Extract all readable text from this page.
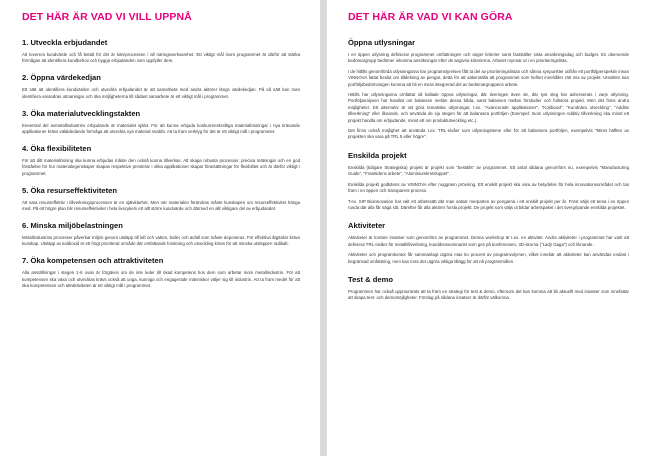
DET HÄR ÄR VAD VI VILL UPPNÅ
1. Utveckla erbjudandet

Att leverera kundvärde och få betalt för det är kärnprocessen i all näringsverksamhet. Ett viktigt mål inom programmet är därför att stärka förmågan att identifiera kundbehov och bygga erbjudanden som uppfyller dem.

2. Öppna värdekedjan

Ett sätt att identifiera kundvärden och utveckla erbjudandet är att samarbeta med andra aktörer längs värdekedjan. På så sätt kan man identifiera varandras utmaningar och öka möjligheterna till sådant samarbete är ett viktigt mål i programmet.

3. Öka materialutvecklingstakten

Eneentral del avmetallindustrins erbjudande är materialet självt. För att kunna erbjuda konkurrenskraftiga materiallösningar i nya krävande applikationer krävs väldidedande förmåga att utveckla nya material snabbt. Att ta fram verktyg för det är ett viktigt mål i programmet.

4. Öka flexibiliteten

För att ditt materiallösning ska kunna erbjudas måste den också kunna tillverkas. Att skapa robusta processer, precisa mätningar och en god förståelse för hur materialegenskaper skapas respektive presterar i olika applikationer skapar förutsättningar för flexibilitet och är därför viktigt i programmet.

5. Öka resurseffektiviteten

Att vara resurseffektiv i tillverkningsprocessen är en självklarhet. Men när materialen förändras måste kunskapen om resurseffektivitet hänga med. På ett högre plan blir resurseffektivitet i hela livscykeln ett allt större kundvärde och därmed en allt viktigare del av erbjudandet.

6. Minska miljöbelastningen

Metallindustrins processer påverkar miljön genom utsläpp till luft och vatten, buller och avfall som måste deponeras. För effektiva åtgärder krävs kunskap. Utsläpp av koldioxid är ett högt prioriterat område där omfattande forskning och utveckling krävs för att minska utsläppen radikalt.

7. Öka kompetensen och attraktiviteten

Alla anställningar i stegen 1-6 ovan är förgäves om de inte leder till ökad kompetens hos dem som arbetar inom metallindustrin. För att kompetensen ska växa och utvecklas krävs också att unga, kunniga och engagerade människor väljer sig till industrin. Att ta fram medel för att öka kompetensen och attraktiviteten är ett viktigt mål i programmet.

DET HÄR ÄR VAD VI KAN GÖRA
Öppna utlysningar

I en öppen utlysning definierar programmet omfattningen och anger kriterier samt fastställer sista ansökningsdag och budget. En oberoende bedömargrupp bedömer inkomna ansökningar efter de angivna kriterierna. Arbetet mynnar ut i en prioriteringslista.

I de hittills genomförda utlysningarna har programstyrelsen fått ta del av prioriteringslistan och sånna synpunkter utifrån ett portföljperspektiv innan VINNOVA fattat beslut om tilldelning av pengar, detta för att säkerställa att programmet som helhet innehåller rätt mix av projekt. Utsnitten kan portföljsbedömningen komma att bli en mera integrerad del av bedömargruppens arbete.

Hittills har utlysningarna omfattat så kallade öppna utlysningar, där tiveringen även de, där tyst steg har adresserats i varje utlysning. Portföljanalysen har handlat om balansen mellan dessa båda, samt balansen mellan förstudier och fullstora projekt. Men det finns andra möjligheter. Ett alternativ är att göra tematiska utlysningar, t.ex. "Avancerade applikationer", "Koldioxid", "Kundnära utveckling", "Additiv tillverkning" eller liknande, och använda de sju stegen för att balansera portföljen (Exempel: Inom utlysningen Additiv tillverkning ska minst ett projekt handla om erbjudande, minst ett om produktutveckling etc.).

Det finns också möjlighet att använda t.ex. TRL-nivåer som utlysningsteme eller för att balansera portföljen, exempelvis "Minst hälften av projekten ska vara på TRL 5 eller högre".

Enskilda projekt

Enskilda (tidigare Strategiska) projekt är projekt som "beställs" av programmet. Ett antal sådana genomförs nu, exempelvis "Manufacturing Guide", "Framtidens arbete", "Aluminiumkretsloppet".

Enskilda projekt godkänns av VINNOVA efter noggrann prövning. Ett enskilt projekt ska vara av betydelse för hela innovationsområdet och tas fram i en öppen och transparent process.

T.ex. SIP Bioinnovation har valt ett arbetssätt där man satsar merparten av pengarna i ett enskilt projekt per år. Först väljs ett tema i en öppen runda där alla får säga sitt. Därefter får alla aktörer forsla projekt. De projekt som väljs ut bildar arbetspaket i det övergripande enskilda projektet.

Aktiviteter

Aktiviteter är kortare insatser som genomförs av programmet. Denna workshop är t.ex. en aktivitet. Andra aktiviteter i programmet har varit att definiera TRL-nivåer för metalltillverkning, kunddresseminariet som ges på konferensen, 3D-skorna ("Lady Gaga") och liknande.

Aktiviteter och programkontor får sammanlagt utgöra max tio procent av programvolymen, vilket innebär att aktiviteter kan användas endast i begränsad omfattning, men kan trots det utgöra viktiga tillägg för att nå programmålen.

Test & demo

Programmen har också uppmuntrats att ta fram en strategi för test & demo, eftersom det kan komma att bli aktuellt med insatser som innefattar att skapa test- och demomöjligheter. Förslag på sådana insatser är därför välkomna.
